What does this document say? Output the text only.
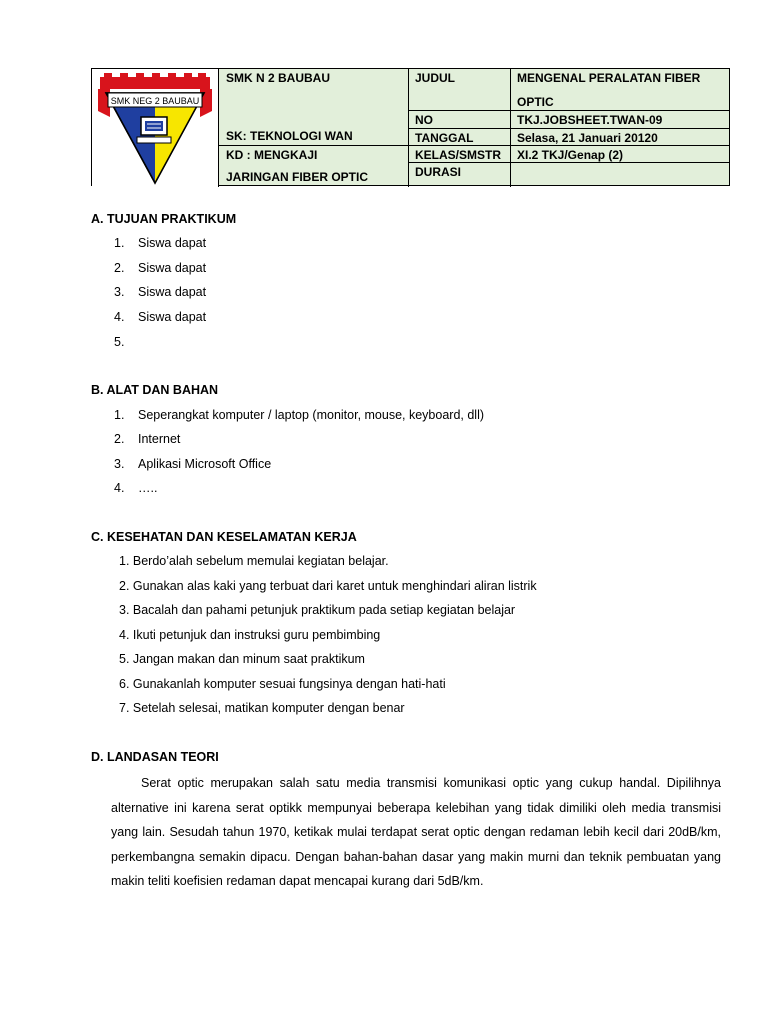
SMK NEG 2 BAUBAU
SMK N 2 BAUBAU
SK: TEKNOLOGI WAN
KD : MENGKAJI
JARINGAN FIBER OPTIC
JUDUL
NO
TANGGAL
KELAS/SMSTR
DURASI
MENGENAL PERALATAN FIBER
OPTIC
TKJ.JOBSHEET.TWAN-09
Selasa, 21 Januari 20120
XI.2 TKJ/Genap (2)
A. TUJUAN PRAKTIKUM
1. Siswa dapat
2. Siswa dapat
3. Siswa dapat
4. Siswa dapat
5.
B. ALAT DAN BAHAN
1. Seperangkat komputer / laptop (monitor, mouse, keyboard, dll)
2. Internet
3. Aplikasi Microsoft Office
4. …..
C. KESEHATAN DAN KESELAMATAN KERJA
1. Berdo’alah sebelum memulai kegiatan belajar.
2. Gunakan alas kaki yang terbuat dari karet untuk menghindari aliran listrik
3. Bacalah dan pahami petunjuk praktikum pada setiap kegiatan belajar
4. Ikuti petunjuk dan instruksi guru pembimbing
5. Jangan makan dan minum saat praktikum
6. Gunakanlah komputer sesuai fungsinya dengan hati-hati
7. Setelah selesai, matikan komputer dengan benar
D. LANDASAN TEORI
Serat optic merupakan salah satu media transmisi komunikasi optic yang cukup handal. Dipilihnya alternative ini karena serat optikk mempunyai beberapa kelebihan yang tidak dimiliki oleh media transmisi yang lain. Sesudah tahun 1970, ketikak mulai terdapat serat optic dengan redaman lebih kecil dari 20dB/km, perkembangna semakin dipacu. Dengan bahan-bahan dasar yang makin murni dan teknik pembuatan yang makin teliti koefisien redaman dapat mencapai kurang dari 5dB/km.
